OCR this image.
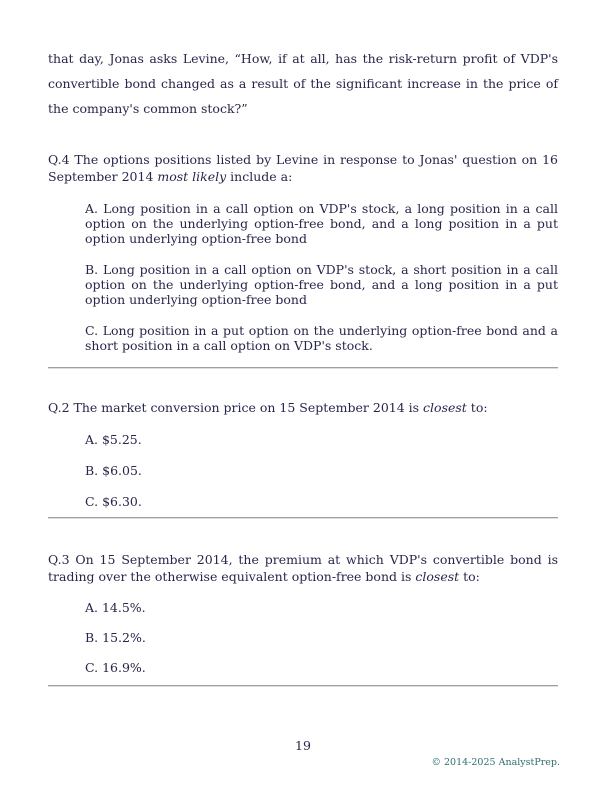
that day, Jonas asks Levine, “How, if at all, has the risk-return profit of VDP's convertible bond changed as a result of the significant increase in the price of the company's common stock?”

Q.4 The options positions listed by Levine in response to Jonas' question on 16 September 2014 most likely include a:

A. Long position in a call option on VDP's stock, a long position in a call option on the underlying option-free bond, and a long position in a put option underlying option-free bond
B. Long position in a call option on VDP's stock, a short position in a call option on the underlying option-free bond, and a long position in a put option underlying option-free bond
C. Long position in a put option on the underlying option-free bond and a short position in a call option on VDP's stock.

Q.2 The market conversion price on 15 September 2014 is closest to:

A. $5.25.
B. $6.05.
C. $6.30.

Q.3 On 15 September 2014, the premium at which VDP's convertible bond is trading over the otherwise equivalent option-free bond is closest to:

A. 14.5%.
B. 15.2%.
C. 16.9%.
19
© 2014-2025 AnalystPrep.
